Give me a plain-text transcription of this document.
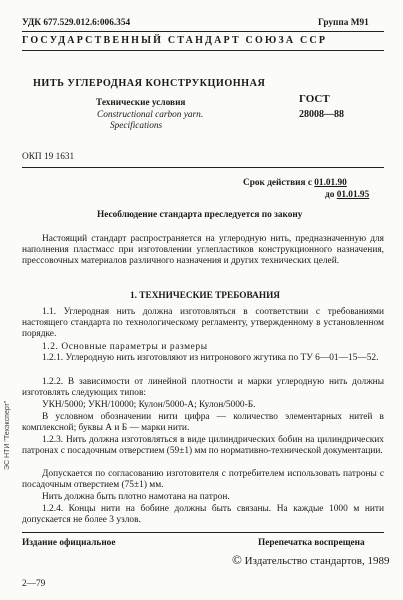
УДК 677.529.012.6:006.354	Группа М91
ГОСУДАРСТВЕННЫЙ СТАНДАРТ СОЮЗА ССР
НИТЬ УГЛЕРОДНАЯ КОНСТРУКЦИОННАЯ
Технические условия
Constructional carbon yarn.
Specifications
ГОСТ
28008—88
ОКП 19 1631
Срок действия с 01.01.90
до 01.01.95
Несоблюдение стандарта преследуется по закону
Настоящий стандарт распространяется на углеродную нить, предназначенную для наполнения пластмасс при изготовлении углепластиков конструкционного назначения, прессовочных материалов различного назначения и других технических целей.
1. ТЕХНИЧЕСКИЕ ТРЕБОВАНИЯ
1.1. Углеродная нить должна изготовляться в соответствии с требованиями настоящего стандарта по технологическому регламенту, утвержденному в установленном порядке.
1.2. Основные параметры и размеры
1.2.1. Углеродную нить изготовляют из нитронового жгутика по ТУ 6—01—15—52.
1.2.2. В зависимости от линейной плотности и марки углеродную нить должны изготовлять следующих типов:
УКН/5000; УКН/10000; Кулон/5000-А; Кулон/5000-Б.
В условном обозначении нити цифра — количество элементарных нитей в комплексной; буквы А и Б — марки нити.
1.2.3. Нить должна изготовляться в виде цилиндрических бобин на цилиндрических патронах с посадочным отверстием (59±1) мм по нормативно-технической документации.
Допускается по согласованию изготовителя с потребителем использовать патроны с посадочным отверстием (75±1) мм.
Нить должна быть плотно намотана на патрон.
1.2.4. Концы нити на бобине должны быть связаны. На каждые 1000 м нити допускается не более 3 узлов.
Издание официальное	Перепечатка воспрещена
© Издательство стандартов, 1989
2—79
ЭС НТИ "Техэксперт"
